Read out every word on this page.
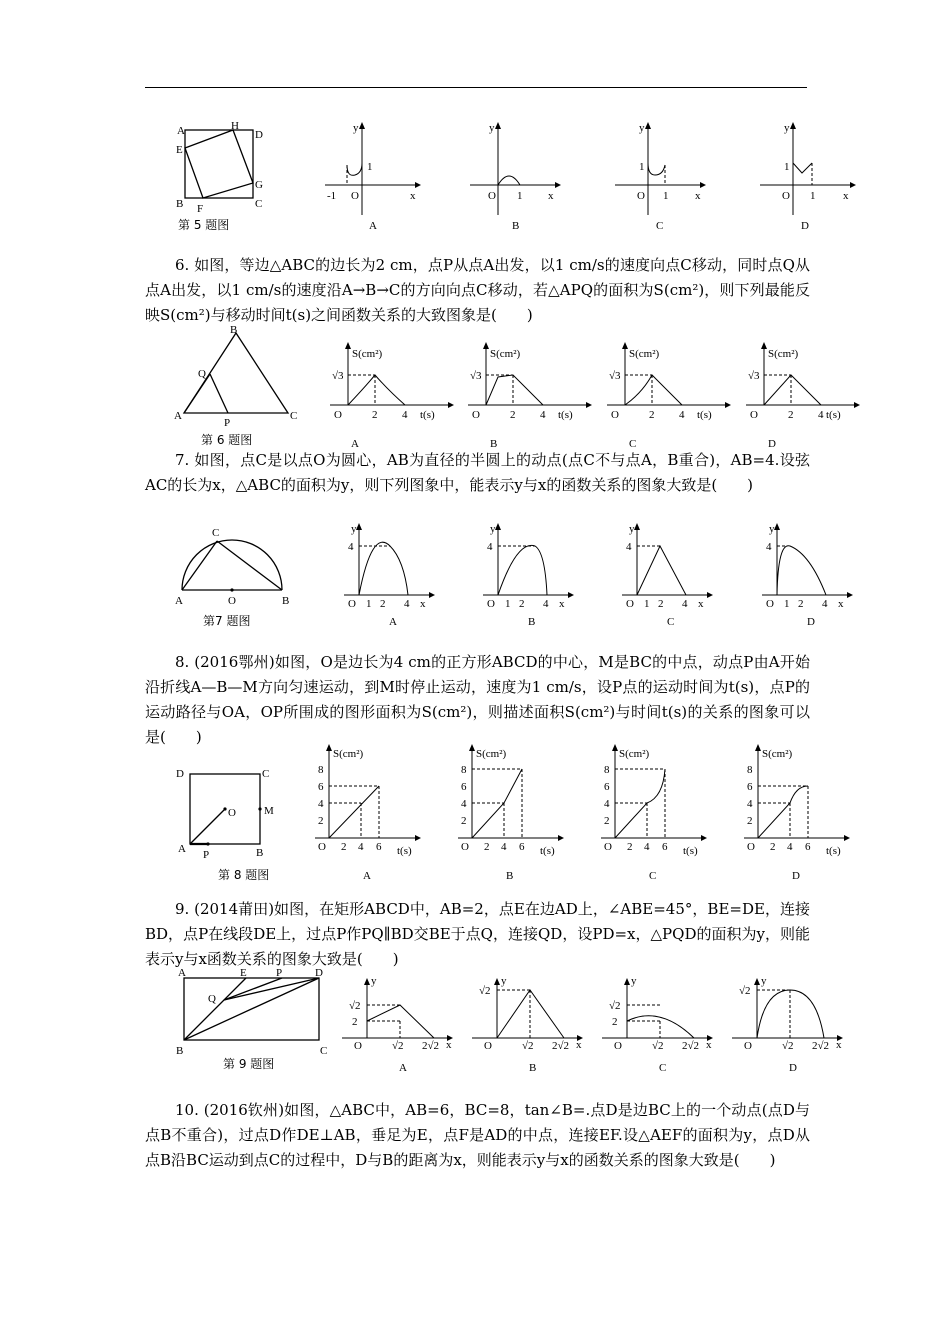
A	H
D
E
G
B F	C
y
x
-1 O
1
y
x
O 1
y
x
1
O 1
y
x
1
O 1
A	B	C	D
第 5 题图

6. 如图，等边△ABC的边长为2 cm，点P从点A出发，以1 cm/s的速度向点C移动，同时点Q从点A出发，以1 cm/s的速度沿A→B→C的方向向点C移动，若△APQ的面积为S(cm²)，则下列最能反映S(cm²)与移动时间t(s)之间函数关系的大致图象是(　　)

B
Q
A
P
C
S(cm²)
t(s)
√3
O	2 4
S(cm²)
t(s)
√3
O	2 4
S(cm²)
t(s)
√3
O	2 4
S(cm²)
t(s)
√3
O	2 4
A	B	C	D
第 6 题图

7. 如图，点C是以点O为圆心，AB为直径的半圆上的动点(点C不与点A，B重合)，AB=4.设弦AC的长为x，△ABC的面积为y，则下列图象中，能表示y与x的函数关系的图象大致是(　　)

C
A	O	B
y
x
4
O 1 2 4
y
x
4
O 1 2 4
y
x
4
O 1 2 4
y
x
4
O 1 2 4
A	B	C	D
第7 题图

8. (2016鄂州)如图，O是边长为4 cm的正方形ABCD的中心，M是BC的中点，动点P由A开始沿折线A—B—M方向匀速运动，到M时停止运动，速度为1 cm/s，设P点的运动时间为t(s)，点P的运动路径与OA，OP所围成的图形面积为S(cm²)，则描述面积S(cm²)与时间t(s)的关系的图象可以是(　　)

D	C
O	M
A P	B
S(cm²)
t(s)
8
6
4
2
O 2 4 6
S(cm²)
t(s)
8
6
4
2
O 2 4 6
S(cm²)
t(s)
8
6
4
2
O 2 4 6
S(cm²)
t(s)
8
6
4
2
O 2 4 6
A	B	C	D
第 8 题图

9. (2014莆田)如图，在矩形ABCD中，AB=2，点E在边AD上，∠ABE=45°，BE=DE，连接BD，点P在线段DE上，过点P作PQ∥BD交BE于点Q，连接QD，设PD=x，△PQD的面积为y，则能表示y与x函数关系的图象大致是(　　)

A	E	P	D
Q
B	C
y
x
√2
2
O	√2 2√2
y
x
√2
O	√2 2√2
y
x
√2
2
O	√2 2√2
y
x
√2
O	√2 2√2
A	B	C	D
第 9 题图

10. (2016钦州)如图，△ABC中，AB=6，BC=8，tan∠B=.点D是边BC上的一个动点(点D与点B不重合)，过点D作DE⊥AB，垂足为E，点F是AD的中点，连接EF.设△AEF的面积为y，点D从点B沿BC运动到点C的过程中，D与B的距离为x，则能表示y与x的函数关系的图象大致是(　　)
